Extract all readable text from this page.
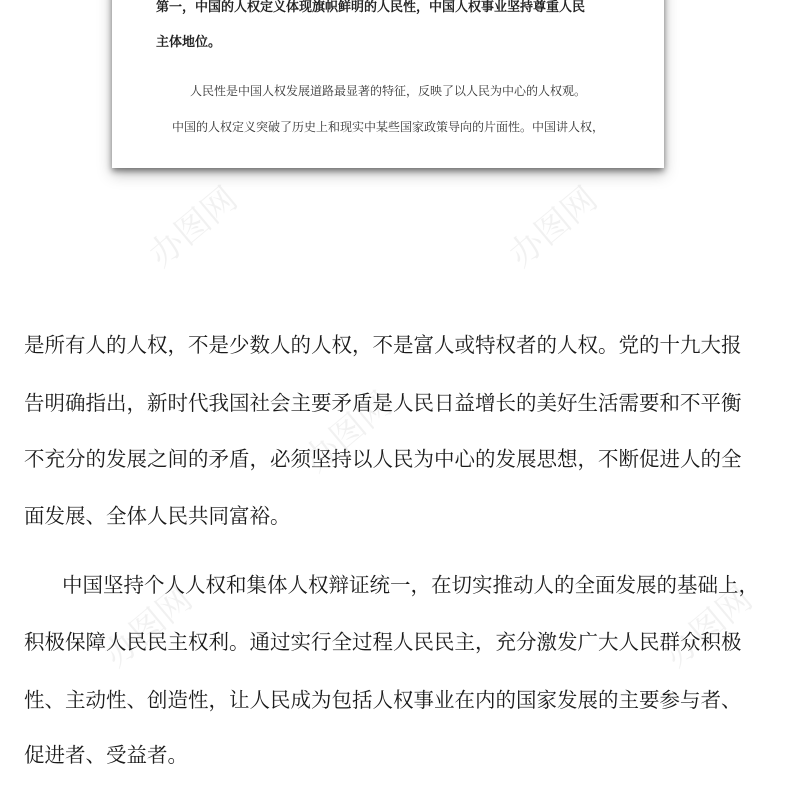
第一，中国的人权定义体现旗帜鲜明的人民性，中国人权事业坚持尊重人民
主体地位。
人民性是中国人权发展道路最显著的特征，反映了以人民为中心的人权观。
中国的人权定义突破了历史上和现实中某些国家政策导向的片面性。中国讲人权，
办图网	办图网
办图网
办图网	办图网
是所有人的人权，不是少数人的人权，不是富人或特权者的人权。党的十九大报
告明确指出，新时代我国社会主要矛盾是人民日益增长的美好生活需要和不平衡
不充分的发展之间的矛盾，必须坚持以人民为中心的发展思想，不断促进人的全
面发展、全体人民共同富裕。
中国坚持个人人权和集体人权辩证统一，在切实推动人的全面发展的基础上，
积极保障人民民主权利。通过实行全过程人民民主，充分激发广大人民群众积极
性、主动性、创造性，让人民成为包括人权事业在内的国家发展的主要参与者、
促进者、受益者。
